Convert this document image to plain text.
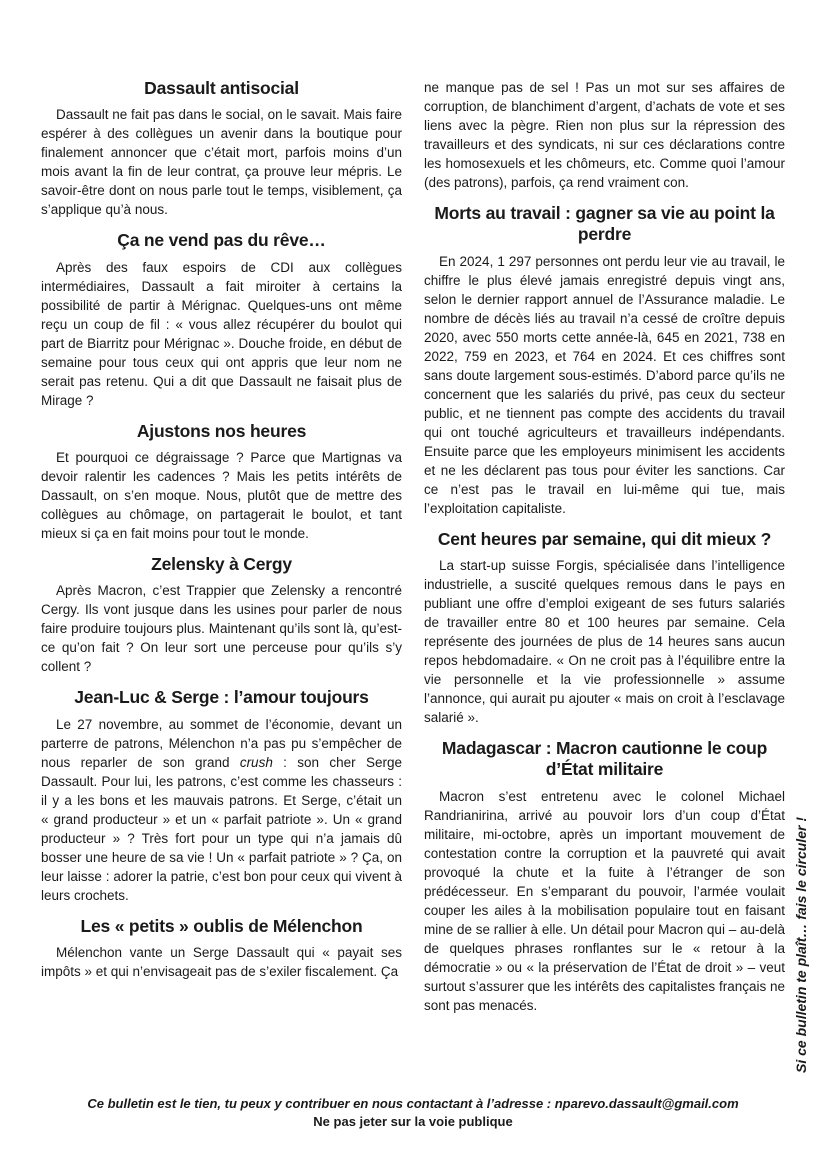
Dassault antisocial

Dassault ne fait pas dans le social, on le savait. Mais faire espérer à des collègues un avenir dans la boutique pour finalement annoncer que c’était mort, parfois moins d’un mois avant la fin de leur contrat, ça prouve leur mépris. Le savoir-être dont on nous parle tout le temps, visiblement, ça s’applique qu’à nous.

Ça ne vend pas du rêve…

Après des faux espoirs de CDI aux collègues intermédiaires, Dassault a fait miroiter à certains la possibilité de partir à Mérignac. Quelques-uns ont même reçu un coup de fil : « vous allez récupérer du boulot qui part de Biarritz pour Mérignac ». Douche froide, en début de semaine pour tous ceux qui ont appris que leur nom ne serait pas retenu. Qui a dit que Dassault ne faisait plus de Mirage ?

Ajustons nos heures

Et pourquoi ce dégraissage ? Parce que Martignas va devoir ralentir les cadences ? Mais les petits intérêts de Dassault, on s’en moque. Nous, plutôt que de mettre des collègues au chômage, on partagerait le boulot, et tant mieux si ça en fait moins pour tout le monde.

Zelensky à Cergy

Après Macron, c’est Trappier que Zelensky a rencontré Cergy. Ils vont jusque dans les usines pour parler de nous faire produire toujours plus. Maintenant qu’ils sont là, qu’est-ce qu’on fait ? On leur sort une perceuse pour qu’ils s’y collent ?

Jean-Luc & Serge : l’amour toujours

Le 27 novembre, au sommet de l’économie, devant un parterre de patrons, Mélenchon n’a pas pu s’empêcher de nous reparler de son grand crush : son cher Serge Dassault. Pour lui, les patrons, c’est comme les chasseurs : il y a les bons et les mauvais patrons. Et Serge, c’était un « grand producteur » et un « parfait patriote ». Un « grand producteur » ? Très fort pour un type qui n’a jamais dû bosser une heure de sa vie ! Un « parfait patriote » ? Ça, on leur laisse : adorer la patrie, c’est bon pour ceux qui vivent à leurs crochets.

Les « petits » oublis de Mélenchon

Mélenchon vante un Serge Dassault qui « payait ses impôts » et qui n’envisageait pas de s’exiler fiscalement. Ça

ne manque pas de sel ! Pas un mot sur ses affaires de corruption, de blanchiment d’argent, d’achats de vote et ses liens avec la pègre. Rien non plus sur la répression des travailleurs et des syndicats, ni sur ces déclarations contre les homosexuels et les chômeurs, etc. Comme quoi l’amour (des patrons), parfois, ça rend vraiment con.

Morts au travail : gagner sa vie au point la perdre

En 2024, 1 297 personnes ont perdu leur vie au travail, le chiffre le plus élevé jamais enregistré depuis vingt ans, selon le dernier rapport annuel de l’Assurance maladie. Le nombre de décès liés au travail n’a cessé de croître depuis 2020, avec 550 morts cette année-là, 645 en 2021, 738 en 2022, 759 en 2023, et 764 en 2024. Et ces chiffres sont sans doute largement sous-estimés. D’abord parce qu’ils ne concernent que les salariés du privé, pas ceux du secteur public, et ne tiennent pas compte des accidents du travail qui ont touché agriculteurs et travailleurs indépendants. Ensuite parce que les employeurs minimisent les accidents et ne les déclarent pas tous pour éviter les sanctions. Car ce n’est pas le travail en lui-même qui tue, mais l’exploitation capitaliste.

Cent heures par semaine, qui dit mieux ?

La start-up suisse Forgis, spécialisée dans l’intelligence industrielle, a suscité quelques remous dans le pays en publiant une offre d’emploi exigeant de ses futurs salariés de travailler entre 80 et 100 heures par semaine. Cela représente des journées de plus de 14 heures sans aucun repos hebdomadaire. « On ne croit pas à l’équilibre entre la vie personnelle et la vie professionnelle » assume l’annonce, qui aurait pu ajouter « mais on croit à l’esclavage salarié ».

Madagascar : Macron cautionne le coup d’État militaire

Macron s’est entretenu avec le colonel Michael Randrianirina, arrivé au pouvoir lors d’un coup d’État militaire, mi-octobre, après un important mouvement de contestation contre la corruption et la pauvreté qui avait provoqué la chute et la fuite à l’étranger de son prédécesseur. En s’emparant du pouvoir, l’armée voulait couper les ailes à la mobilisation populaire tout en faisant mine de se rallier à elle. Un détail pour Macron qui – au-delà de quelques phrases ronflantes sur le « retour à la démocratie » ou « la préservation de l’État de droit » – veut surtout s’assurer que les intérêts des capitalistes français ne sont pas menacés.	Si ce bulletin te plaît… fais le circuler !

Ce bulletin est le tien, tu peux y contribuer en nous contactant à l’adresse : nparevo.dassault@gmail.com

Ne pas jeter sur la voie publique
